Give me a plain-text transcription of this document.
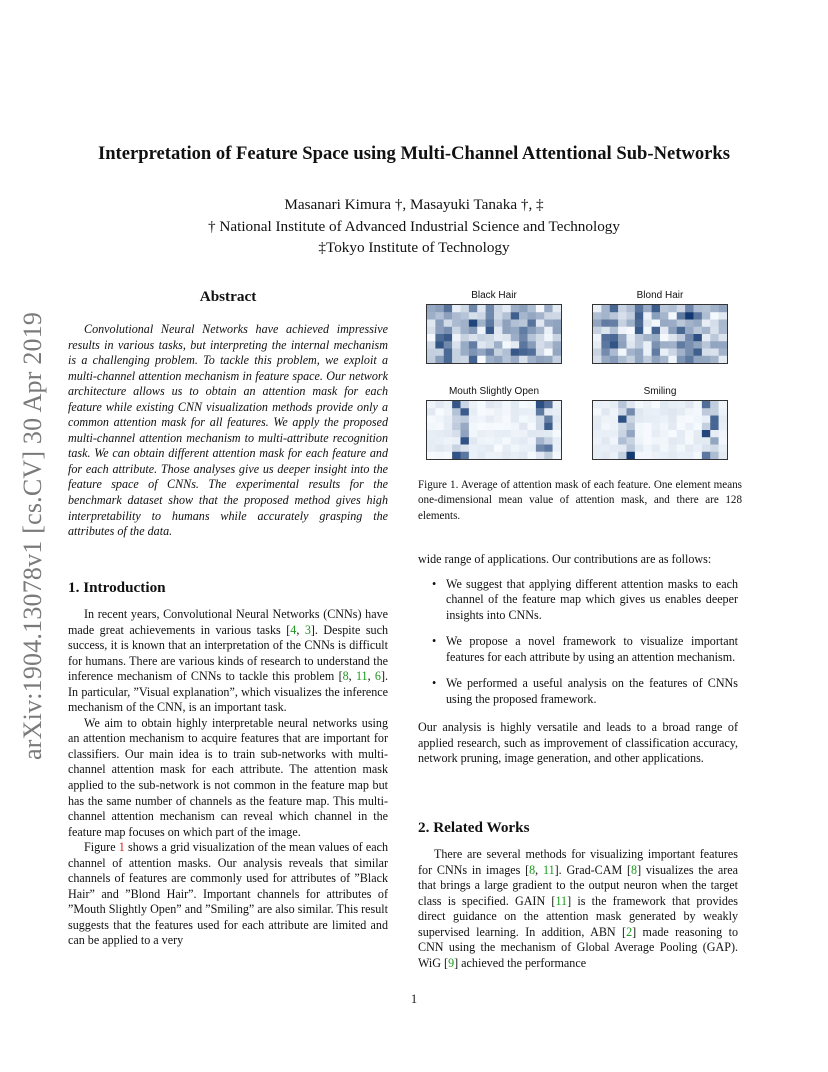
arXiv:1904.13078v1 [cs.CV] 30 Apr 2019
Interpretation of Feature Space using Multi-Channel Attentional Sub-Networks
Masanari Kimura †, Masayuki Tanaka †, ‡
† National Institute of Advanced Industrial Science and Technology
‡Tokyo Institute of Technology
Abstract

Convolutional Neural Networks have achieved impressive results in various tasks, but interpreting the internal mechanism is a challenging problem. To tackle this problem, we exploit a multi-channel attention mechanism in feature space. Our network architecture allows us to obtain an attention mask for each feature while existing CNN visualization methods provide only a common attention mask for all features. We apply the proposed multi-channel attention mechanism to multi-attribute recognition task. We can obtain different attention mask for each feature and for each attribute. Those analyses give us deeper insight into the feature space of CNNs. The experimental results for the benchmark dataset show that the proposed method gives high interpretability to humans while accurately grasping the attributes of the data.

1. Introduction

In recent years, Convolutional Neural Networks (CNNs) have made great achievements in various tasks [4, 3]. Despite such success, it is known that an interpretation of the CNNs is difficult for humans. There are various kinds of research to understand the inference mechanism of CNNs to tackle this problem [8, 11, 6]. In particular, ”Visual explanation”, which visualizes the inference mechanism of the CNN, is an important task.

We aim to obtain highly interpretable neural networks using an attention mechanism to acquire features that are important for classifiers. Our main idea is to train sub-networks with multi-channel attention mask for each attribute. The attention mask applied to the sub-network is not common in the feature map but has the same number of channels as the feature map. This multi-channel attention mechanism can reveal which channel in the feature map focuses on which part of the image.

Figure 1 shows a grid visualization of the mean values of each channel of attention masks. Our analysis reveals that similar channels of features are commonly used for attributes of ”Black Hair” and ”Blond Hair”. Important channels for attributes of ”Mouth Slightly Open” and ”Smiling” are also similar. This result suggests that the features used for each attribute are limited and can be applied to a very

Black Hair	Blond Hair
Mouth Slightly Open	Smiling
Figure 1. Average of attention mask of each feature. One element means one-dimensional mean value of attention mask, and there are 128 elements.

wide range of applications. Our contributions are as follows:

• We suggest that applying different attention masks to each channel of the feature map which gives us enables deeper insights into CNNs.
• We propose a novel framework to visualize important features for each attribute by using an attention mechanism.
• We performed a useful analysis on the features of CNNs using the proposed framework.

Our analysis is highly versatile and leads to a broad range of applied research, such as improvement of classification accuracy, network pruning, image generation, and other applications.

2. Related Works

There are several methods for visualizing important features for CNNs in images [8, 11]. Grad-CAM [8] visualizes the area that brings a large gradient to the output neuron when the target class is specified. GAIN [11] is the framework that provides direct guidance on the attention mask generated by weakly supervised learning. In addition, ABN [2] made reasoning to CNN using the mechanism of Global Average Pooling (GAP). WiG [9] achieved the performance

1
